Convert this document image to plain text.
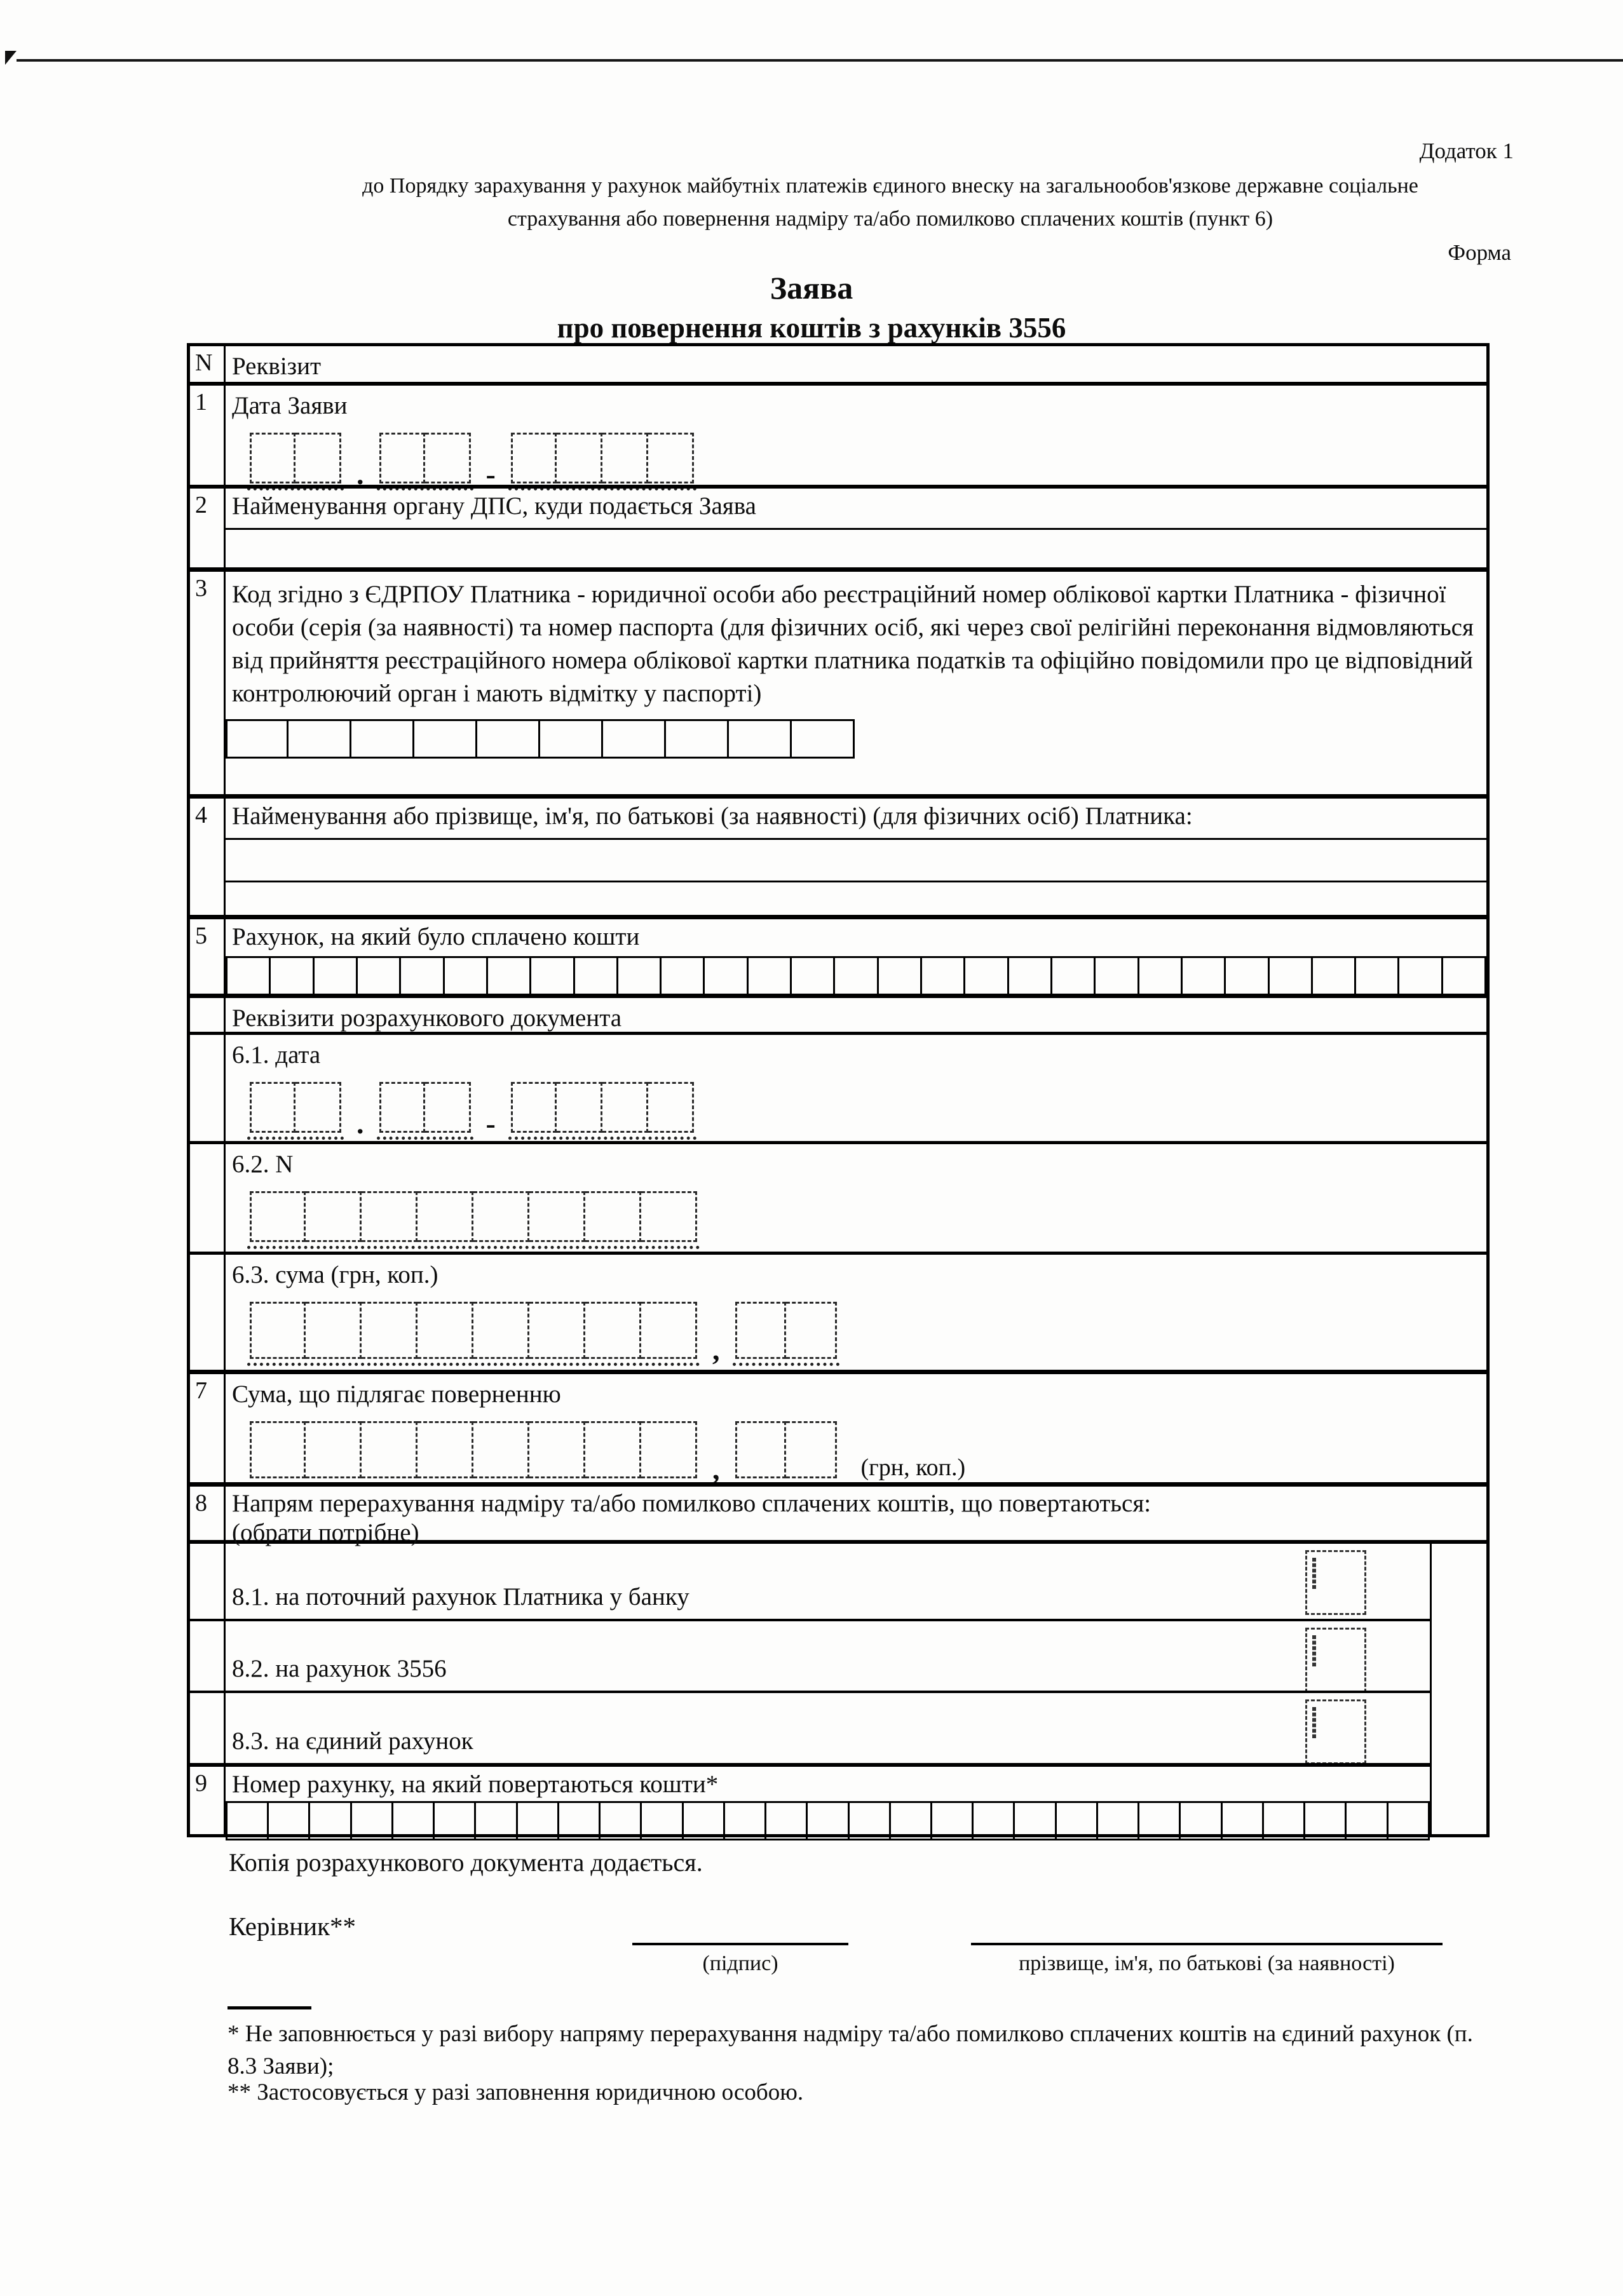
Додаток 1
до Порядку зарахування у рахунок майбутніх платежів єдиного внеску на загальнообов'язкове державне соціальне
страхування або повернення надміру та/або помилково сплачених коштів (пункт 6)
Форма
Заява
про повернення коштів з рахунків 3556
N Реквізит
1	Дата Заяви
.	-
2	Найменування органу ДПС, куди подається Заява
3	Код згідно з ЄДРПОУ Платника - юридичної особи або реєстраційний номер облікової картки Платника - фізичної особи (серія (за наявності) та номер паспорта (для фізичних осіб, які через свої релігійні переконання відмовляються від прийняття реєстраційного номера облікової картки платника податків та офіційно повідомили про це відповідний контролюючий орган і мають відмітку у паспорті)
4	Найменування або прізвище, ім'я, по батькові (за наявності) (для фізичних осіб) Платника:
5	Рахунок, на який було сплачено кошти
Реквізити розрахункового документа
6.1. дата
.	-
6.2. N
6.3. сума (грн, коп.)
,
7	Сума, що підлягає поверненню
,	(грн, коп.)
8	Напрям перерахування надміру та/або помилково сплачених коштів, що повертаються:
(обрати потрібне)
8.1. на поточний рахунок Платника у банку
8.2. на рахунок 3556
8.3. на єдиний рахунок
9	Номер рахунку, на який повертаються кошти*
Копія розрахункового документа додається.
Керівник**
(підпис)	прізвище, ім'я, по батькові (за наявності)
* Не заповнюється у разі вибору напряму перерахування надміру та/або помилково сплачених коштів на єдиний рахунок (п. 8.3 Заяви);
** Застосовується у разі заповнення юридичною особою.
